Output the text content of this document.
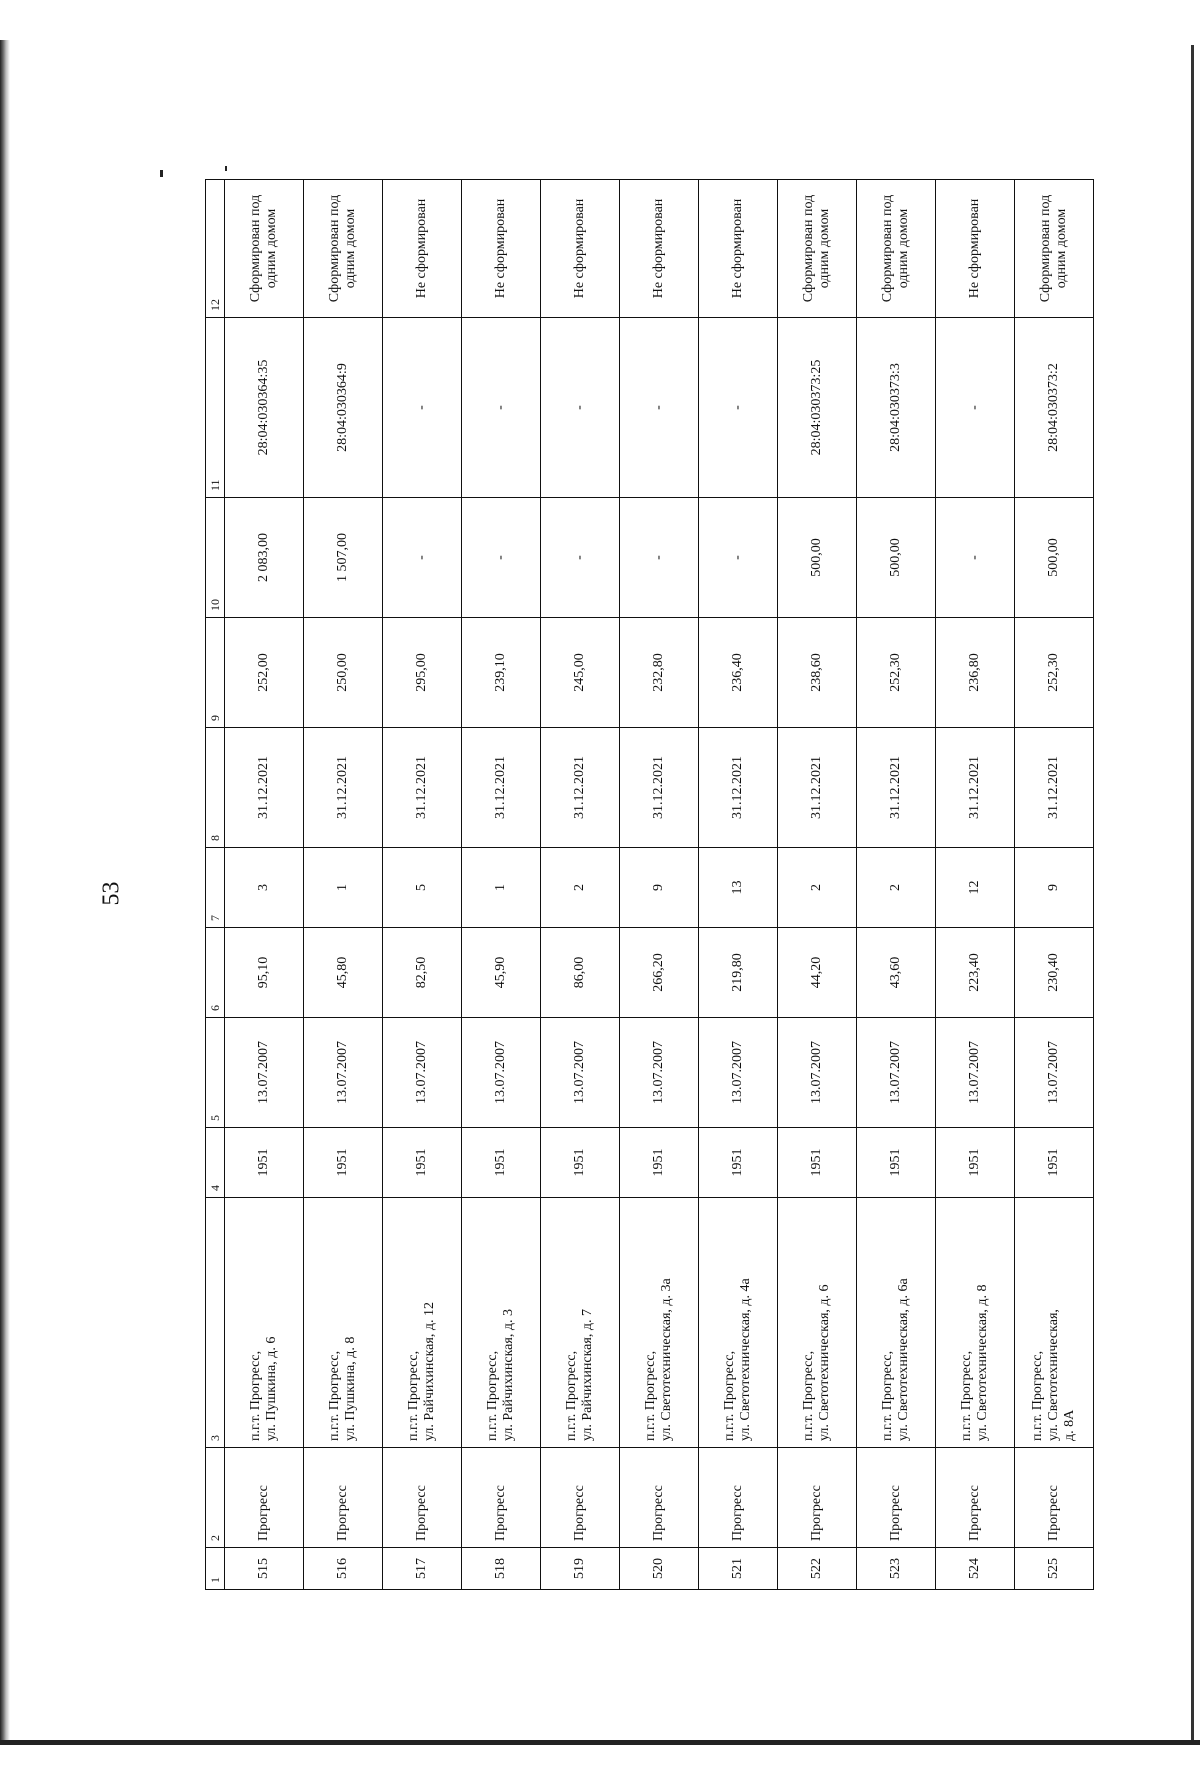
53
1	2	3	4	5	6	7	8	9	10	11	12
515	Прогресс	п.г.т. Прогресс, ул. Пушкина, д. 6	1951	13.07.2007	95,10	3	31.12.2021	252,00	2 083,00	28:04:030364:35	Сформирован под одним домом
516	Прогресс	п.г.т. Прогресс, ул. Пушкина, д. 8	1951	13.07.2007	45,80	1	31.12.2021	250,00	1 507,00	28:04:030364:9	Сформирован под одним домом
517	Прогресс	п.г.т. Прогресс, ул. Райчихинская, д. 12	1951	13.07.2007	82,50	5	31.12.2021	295,00	-	-	Не сформирован
518	Прогресс	п.г.т. Прогресс, ул. Райчихинская, д. 3	1951	13.07.2007	45,90	1	31.12.2021	239,10	-	-	Не сформирован
519	Прогресс	п.г.т. Прогресс, ул. Райчихинская, д. 7	1951	13.07.2007	86,00	2	31.12.2021	245,00	-	-	Не сформирован
520	Прогресс	п.г.т. Прогресс, ул. Светотехническая, д. 3а	1951	13.07.2007	266,20	9	31.12.2021	232,80	-	-	Не сформирован
521	Прогресс	п.г.т. Прогресс, ул. Светотехническая, д. 4а	1951	13.07.2007	219,80	13	31.12.2021	236,40	-	-	Не сформирован
522	Прогресс	п.г.т. Прогресс, ул. Светотехническая, д. 6	1951	13.07.2007	44,20	2	31.12.2021	238,60	500,00	28:04:030373:25	Сформирован под одним домом
523	Прогресс	п.г.т. Прогресс, ул. Светотехническая, д. 6а	1951	13.07.2007	43,60	2	31.12.2021	252,30	500,00	28:04:030373:3	Сформирован под одним домом
524	Прогресс	п.г.т. Прогресс, ул. Светотехническая, д. 8	1951	13.07.2007	223,40	12	31.12.2021	236,80	-	-	Не сформирован
525	Прогресс	п.г.т. Прогресс, ул. Светотехническая, д. 8А	1951	13.07.2007	230,40	9	31.12.2021	252,30	500,00	28:04:030373:2	Сформирован под одним домом
